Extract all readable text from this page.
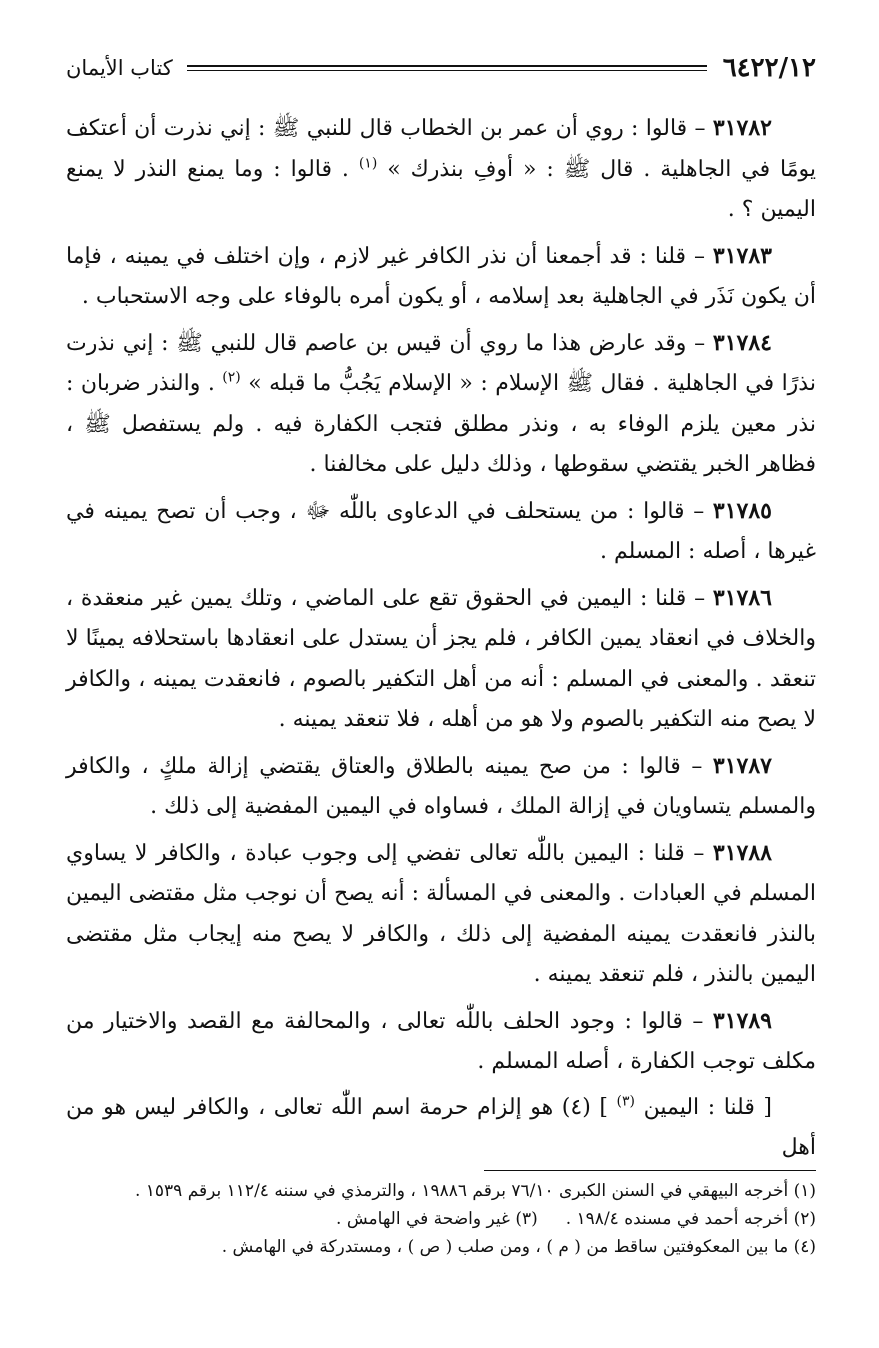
٦٤٢٢/١٢
كتاب الأيمان

٣١٧٨٢ – قالوا : روي أن عمر بن الخطاب قال للنبي ﷺ : إني نذرت أن أعتكف يومًا في الجاهلية . قال ﷺ : « أوفِ بنذرك » $^{(١)}$ . قالوا : وما يمنع النذر لا يمنع اليمين ؟ .

٣١٧٨٣ – قلنا : قد أجمعنا أن نذر الكافر غير لازم ، وإن اختلف في يمينه ، فإما أن يكون نَذَر في الجاهلية بعد إسلامه ، أو يكون أمره بالوفاء على وجه الاستحباب .

٣١٧٨٤ – وقد عارض هذا ما روي أن قيس بن عاصم قال للنبي ﷺ : إني نذرت نذرًا في الجاهلية . فقال ﷺ الإسلام : « الإسلام يَجُبُّ ما قبله » $^{(٢)}$ . والنذر ضربان : نذر معين يلزم الوفاء به ، ونذر مطلق فتجب الكفارة فيه . ولم يستفصل ﷺ ، فظاهر الخبر يقتضي سقوطها ، وذلك دليل على مخالفنا .

٣١٧٨٥ – قالوا : من يستحلف في الدعاوى باللّٰه ﷻ ، وجب أن تصح يمينه في غيرها ، أصله : المسلم .

٣١٧٨٦ – قلنا : اليمين في الحقوق تقع على الماضي ، وتلك يمين غير منعقدة ، والخلاف في انعقاد يمين الكافر ، فلم يجز أن يستدل على انعقادها باستحلافه يمينًا لا تنعقد . والمعنى في المسلم : أنه من أهل التكفير بالصوم ، فانعقدت يمينه ، والكافر لا يصح منه التكفير بالصوم ولا هو من أهله ، فلا تنعقد يمينه .

٣١٧٨٧ – قالوا : من صح يمينه بالطلاق والعتاق يقتضي إزالة ملكٍ ، والكافر والمسلم يتساويان في إزالة الملك ، فساواه في اليمين المفضية إلى ذلك .

٣١٧٨٨ – قلنا : اليمين باللّٰه تعالى تفضي إلى وجوب عبادة ، والكافر لا يساوي المسلم في العبادات . والمعنى في المسألة : أنه يصح أن نوجب مثل مقتضى اليمين بالنذر فانعقدت يمينه المفضية إلى ذلك ، والكافر لا يصح منه إيجاب مثل مقتضى اليمين بالنذر ، فلم تنعقد يمينه .

٣١٧٨٩ – قالوا : وجود الحلف باللّٰه تعالى ، والمحالفة مع القصد والاختيار من مكلف توجب الكفارة ، أصله المسلم .

[ قلنا : اليمين $^{(٣)}$ ] (٤) هو إلزام حرمة اسم اللّٰه تعالى ، والكافر ليس هو من أهل

(١) أخرجه البيهقي في السنن الكبرى ٧٦/١٠ برقم ١٩٨٨٦ ، والترمذي في سننه ١١٢/٤ برقم ١٥٣٩ .

(٢) أخرجه أحمد في مسنده ١٩٨/٤ .(٣) غير واضحة في الهامش .

(٤) ما بين المعكوفتين ساقط من ( م ) ، ومن صلب ( ص ) ، ومستدركة في الهامش .
